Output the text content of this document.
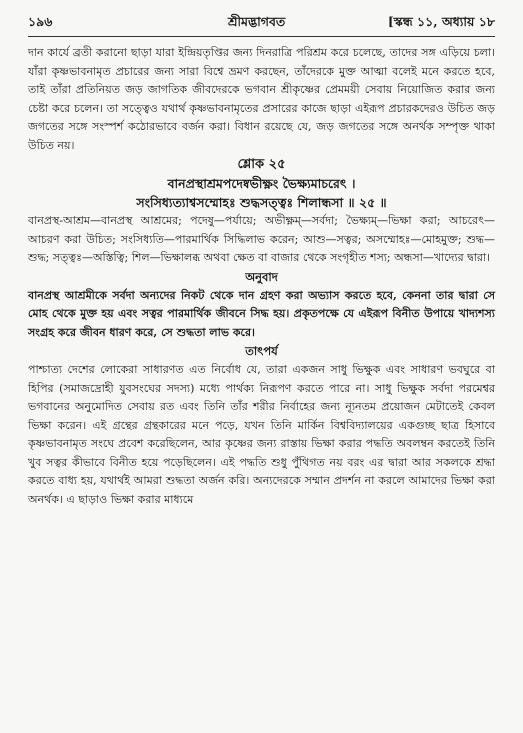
১৯৬	শ্রীমদ্ভাগবত	[স্কন্ধ ১১, অধ্যায় ১৮

দান কার্যে ব্রতী করানো ছাড়া যারা ইন্দ্রিয়তৃপ্তির জন্য দিনরাত্রি পরিশ্রম করে চলেছে, তাদের সঙ্গ এড়িয়ে চলা। যাঁরা কৃষ্ণভাবনামৃত প্রচারের জন্য সারা বিশ্বে ভ্রমণ করছেন, তাঁদেরকে মুক্ত আত্মা বলেই মনে করতে হবে, তাই তাঁরা প্রতিনিয়ত জড় জাগতিক জীবদেরকে ভগবান শ্রীকৃষ্ণের প্রেমময়ী সেবায় নিয়োজিত করার জন্য চেষ্টা করে চলেন। তা সত্ত্বেও যথার্থ কৃষ্ণভাবনামৃতের প্রসারের কাজে ছাড়া এইরূপ প্রচারকদেরও উচিত জড় জগতের সঙ্গে সংস্পর্শ কঠোরভাবে বর্জন করা। বিধান রয়েছে যে, জড় জগতের সঙ্গে অনর্থক সম্পৃক্ত থাকা উচিত নয়।

শ্লোক ২৫

বানপ্রস্থাশ্রমপদেষ্বভীক্ষ্ণং ভৈক্ষ্যমাচরেৎ ।

সংসিধ্যত্যাশ্বসম্মোহঃ শুদ্ধসত্ত্বঃ শিলান্ধসা ॥ ২৫ ॥

বানপ্রস্থ-আশ্রম—বানপ্রস্থ আশ্রমের; পদেষু—পর্যায়ে; অভীক্ষ্ণম্—সর্বদা; ভৈক্ষ্যম্—ভিক্ষা করা; আচরেৎ—আচরণ করা উচিত; সংসিধ্যতি—পারমার্থিক সিদ্ধিলাভ করেন; আশু—সত্বর; অসম্মোহঃ—মোহমুক্ত; শুদ্ধ—শুদ্ধ; সত্ত্বঃ—অস্তিত্বি; শিল—ভিক্ষালব্ধ অথবা ক্ষেত বা বাজার থেকে সংগৃহীত শস্য; অন্ধসা—খাদ্যের দ্বারা।

অনুবাদ

বানপ্রস্থ আশ্রমীকে সর্বদা অন্যদের নিকট থেকে দান গ্রহণ করা অভ্যাস করতে হবে, কেননা তার দ্বারা সে মোহ থেকে মুক্ত হয় এবং সত্বর পারমার্থিক জীবনে সিদ্ধ হয়। প্রকৃতপক্ষে যে এইরূপ বিনীত উপায়ে খাদ্যশস্য সংগ্রহ করে জীবন ধারণ করে, সে শুদ্ধতা লাভ করে।

তাৎপর্য

পাশ্চাত্য দেশের লোকেরা সাধারণত এত নির্বোধ যে, তারা একজন সাধু ভিক্ষুক এবং সাধারণ ভবঘুরে বা হিপির (সমাজদ্রোহী যুবসংঘের সদস্য) মধ্যে পার্থক্য নিরূপণ করতে পারে না। সাধু ভিক্ষুক সর্বদা পরমেশ্বর ভগবানের অনুমোদিত সেবায় রত এবং তিনি তাঁর শরীর নির্বাহের জন্য ন্যূনতম প্রয়োজন মেটাতেই কেবল ভিক্ষা করেন। এই গ্রন্থের গ্রন্থকারের মনে পড়ে, যখন তিনি মার্কিন বিশ্ববিদ্যালয়ের একগুচ্ছ ছাত্র হিসাবে কৃষ্ণভাবনামৃত সংঘে প্রবেশ করেছিলেন, আর কৃষ্ণের জন্য রাস্তায় ভিক্ষা করার পদ্ধতি অবলম্বন করতেই তিনি খুব সত্বর কীভাবে বিনীত হয়ে পড়েছিলেন। এই পদ্ধতি শুধু পুঁথিগত নয় বরং এর দ্বারা আর সকলকে শ্রদ্ধা করতে বাধ্য হয়, যথার্থই আমরা শুদ্ধতা অর্জন করি। অন্যদেরকে সম্মান প্রদর্শন না করলে আমাদের ভিক্ষা করা অনর্থক। এ ছাড়াও ভিক্ষা করার মাধ্যমে
